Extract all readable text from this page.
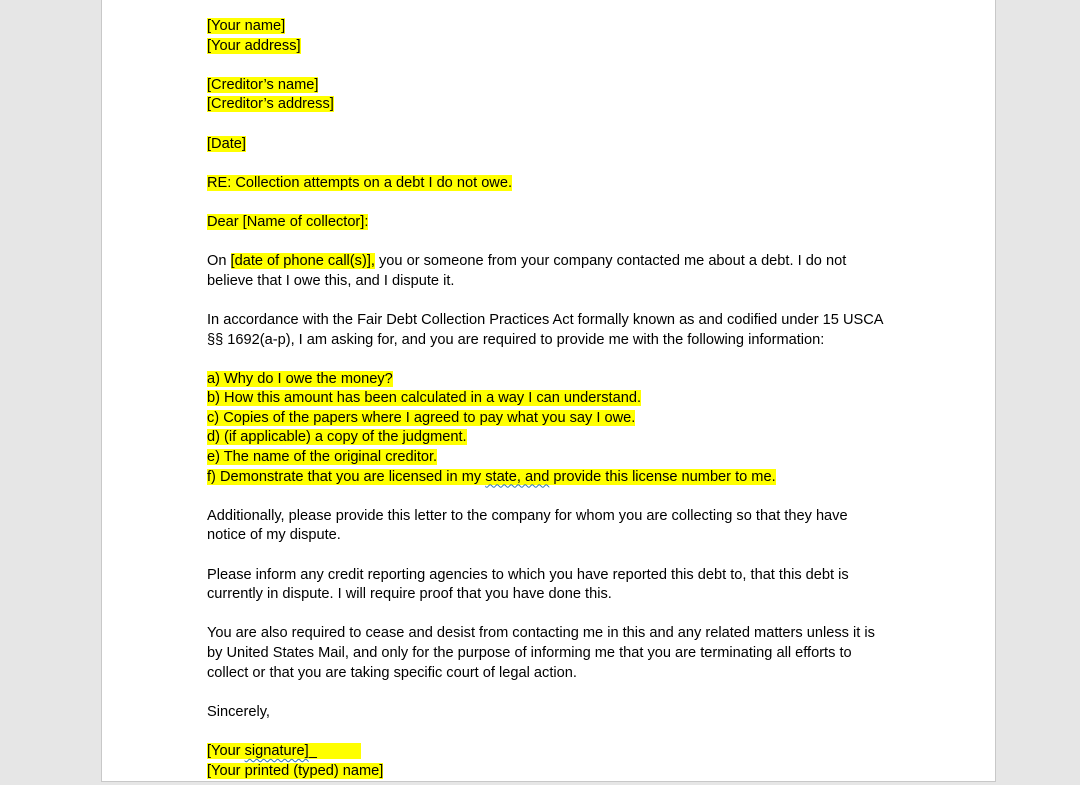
[Your name]
[Your address]
[Creditor’s name]
[Creditor’s address]
[Date]
RE: Collection attempts on a debt I do not owe.
Dear [Name of collector]:
On [date of phone call(s)], you or someone from your company contacted me about a debt. I do not
believe that I owe this, and I dispute it.
In accordance with the Fair Debt Collection Practices Act formally known as and codified under 15 USCA
§§ 1692(a-p), I am asking for, and you are required to provide me with the following information:
a) Why do I owe the money?
b) How this amount has been calculated in a way I can understand.
c) Copies of the papers where I agreed to pay what you say I owe.
d) (if applicable) a copy of the judgment.
e) The name of the original creditor.
f) Demonstrate that you are licensed in my state, and provide this license number to me.
Additionally, please provide this letter to the company for whom you are collecting so that they have
notice of my dispute.
Please inform any credit reporting agencies to which you have reported this debt to, that this debt is
currently in dispute. I will require proof that you have done this.
You are also required to cease and desist from contacting me in this and any related matters unless it is
by United States Mail, and only for the purpose of informing me that you are terminating all efforts to
collect or that you are taking specific court of legal action.
Sincerely,
[Your signature]_
[Your printed (typed) name]
